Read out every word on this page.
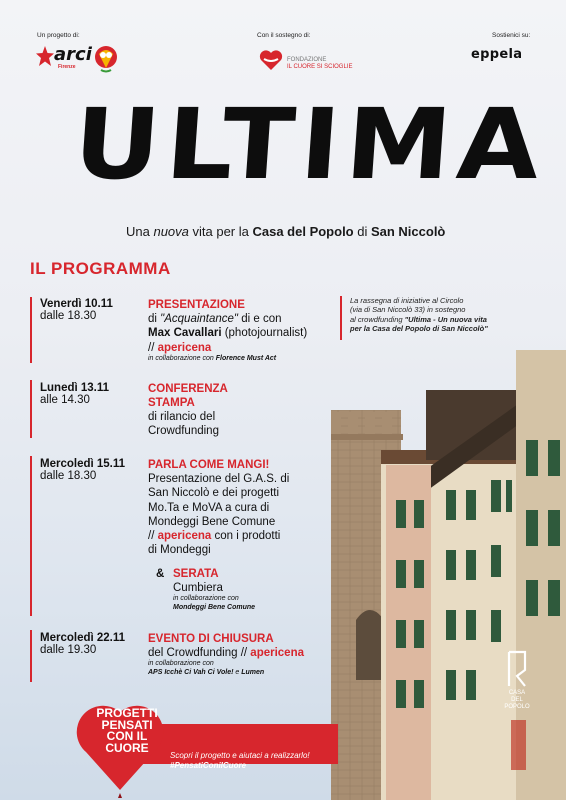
Un progetto di:
arci
Firenze
Con il sostegno di:
FONDAZIONE
IL CUORE SI SCIOGLIE
Sostienici su:
eppela
ULTIMA
Una nuova vita per la Casa del Popolo di San Niccolò
IL PROGRAMMA
La rassegna di iniziative al Circolo
(via di San Niccolò 33) in sostegno
al crowdfunding "Ultima - Un nuova vita
per la Casa del Popolo di San Niccolò"
CASA
DEL
POPOLO
Venerdì 10.11
dalle 18.30
PRESENTAZIONE
di "Acquaintance" di e con
Max Cavallari (photojournalist)
// apericena
in collaborazione con Florence Must Act
Lunedì 13.11
alle 14.30
CONFERENZA
STAMPA
di rilancio del
Crowdfunding
Mercoledì 15.11
dalle 18.30
PARLA COME MANGI!
Presentazione del G.A.S. di
San Niccolò e dei progetti
Mo.Ta e MoVA a cura di
Mondeggi Bene Comune
// apericena con i prodotti
di Mondeggi
& SERATA
Cumbiera
in collaborazione con
Mondeggi Bene Comune
Mercoledì 22.11
dalle 19.30
EVENTO DI CHIUSURA
del Crowdfunding // apericena
in collaborazione con
APS Icchè Ci Vah Ci Vole! e Lumen
PROGETTI
PENSATI
CON IL
CUORE
Scopri il progetto e aiutaci a realizzarlo!
#PensatiConilCuore
